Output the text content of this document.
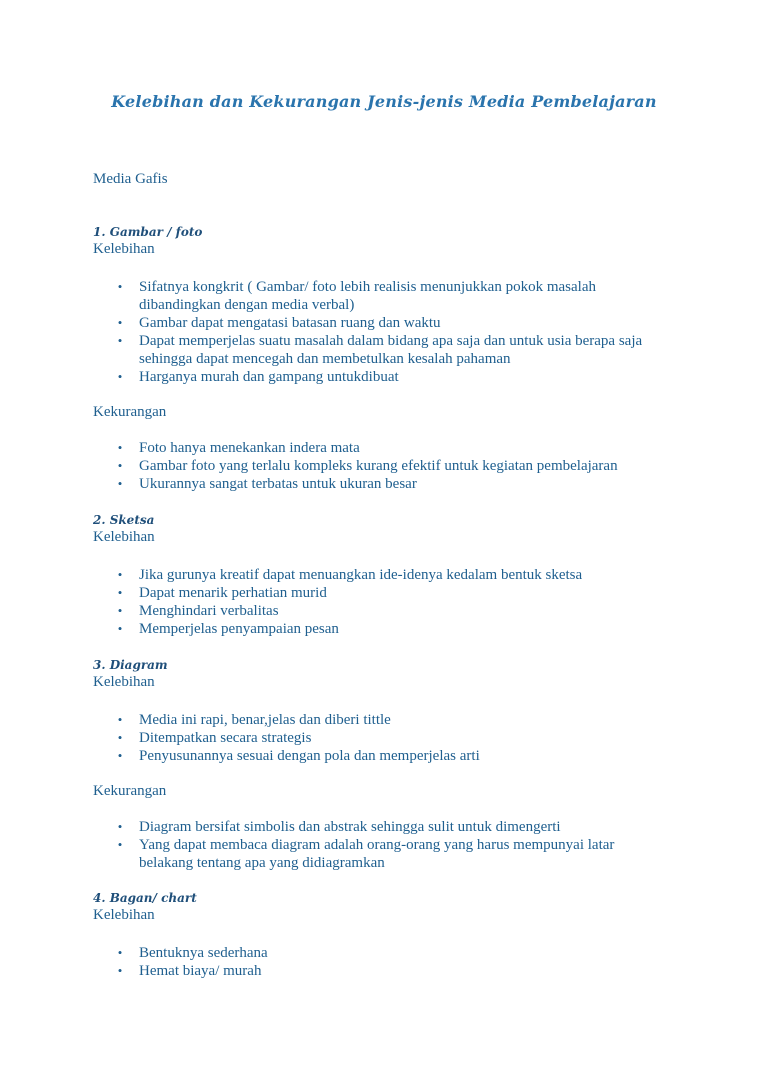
Kelebihan dan Kekurangan Jenis-jenis Media Pembelajaran
Media Gafis

1. Gambar / foto

Kelebihan

• Sifatnya kongkrit ( Gambar/ foto lebih realisis menunjukkan pokok masalah
dibandingkan dengan media verbal)
• Gambar dapat mengatasi batasan ruang dan waktu
• Dapat memperjelas suatu masalah dalam bidang apa saja dan untuk usia berapa saja
sehingga dapat mencegah dan membetulkan kesalah pahaman
• Harganya murah dan gampang untukdibuat

Kekurangan

• Foto hanya menekankan indera mata
• Gambar foto yang terlalu kompleks kurang efektif untuk kegiatan pembelajaran
• Ukurannya sangat terbatas untuk ukuran besar

2. Sketsa

Kelebihan

• Jika gurunya kreatif dapat menuangkan ide-idenya kedalam bentuk sketsa
• Dapat menarik perhatian murid
• Menghindari verbalitas
• Memperjelas penyampaian pesan

3. Diagram

Kelebihan

• Media ini rapi, benar,jelas dan diberi tittle
• Ditempatkan secara strategis
• Penyusunannya sesuai dengan pola dan memperjelas arti

Kekurangan

• Diagram bersifat simbolis dan abstrak sehingga sulit untuk dimengerti
• Yang dapat membaca diagram adalah orang-orang yang harus mempunyai latar
belakang tentang apa yang didiagramkan

4. Bagan/ chart

Kelebihan

• Bentuknya sederhana
• Hemat biaya/ murah
